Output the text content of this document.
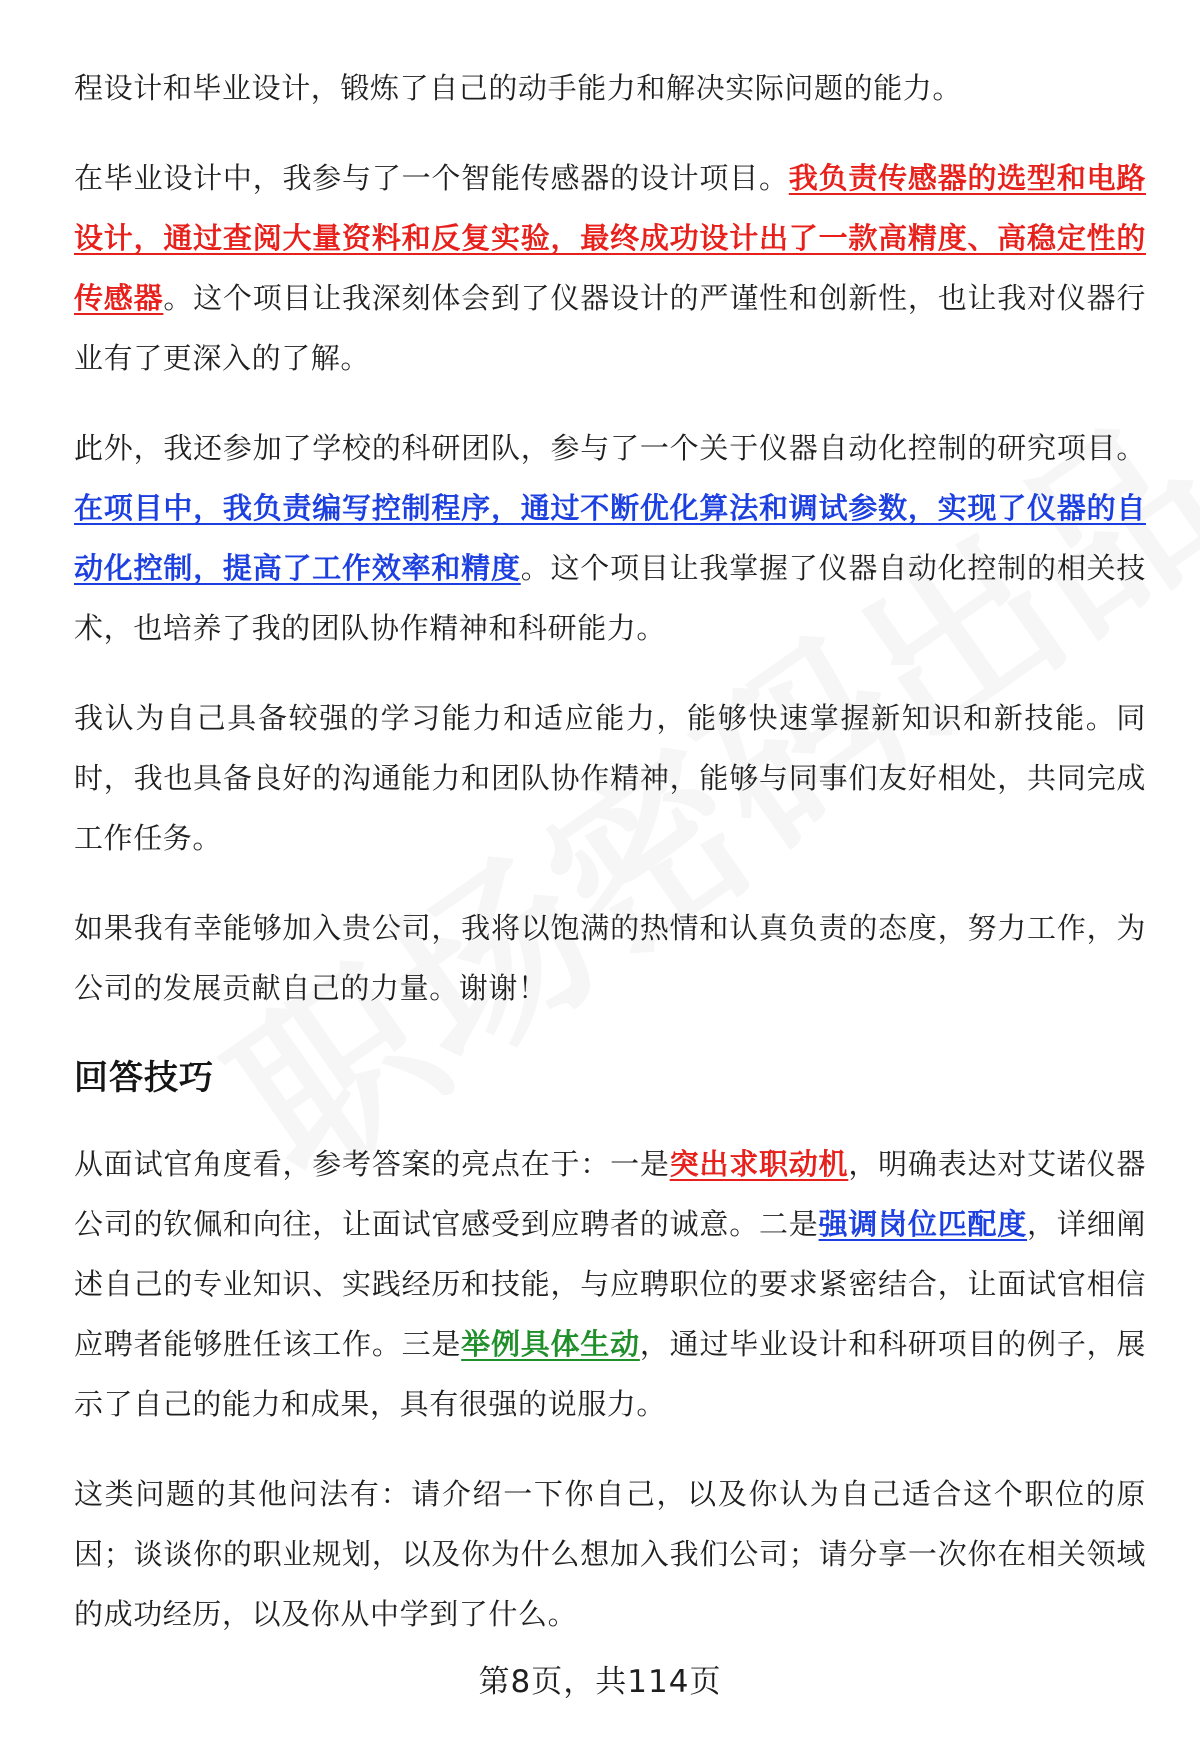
程设计和毕业设计，锻炼了自己的动手能力和解决实际问题的能力。

在毕业设计中，我参与了一个智能传感器的设计项目。我负责传感器的选型和电路设计，通过查阅大量资料和反复实验，最终成功设计出了一款高精度、高稳定性的传感器。这个项目让我深刻体会到了仪器设计的严谨性和创新性，也让我对仪器行业有了更深入的了解。

此外，我还参加了学校的科研团队，参与了一个关于仪器自动化控制的研究项目。在项目中，我负责编写控制程序，通过不断优化算法和调试参数，实现了仪器的自动化控制，提高了工作效率和精度。这个项目让我掌握了仪器自动化控制的相关技术，也培养了我的团队协作精神和科研能力。

我认为自己具备较强的学习能力和适应能力，能够快速掌握新知识和新技能。同时，我也具备良好的沟通能力和团队协作精神，能够与同事们友好相处，共同完成工作任务。

如果我有幸能够加入贵公司，我将以饱满的热情和认真负责的态度，努力工作，为公司的发展贡献自己的力量。谢谢！

回答技巧

从面试官角度看，参考答案的亮点在于：一是突出求职动机，明确表达对艾诺仪器公司的钦佩和向往，让面试官感受到应聘者的诚意。二是强调岗位匹配度，详细阐述自己的专业知识、实践经历和技能，与应聘职位的要求紧密结合，让面试官相信应聘者能够胜任该工作。三是举例具体生动，通过毕业设计和科研项目的例子，展示了自己的能力和成果，具有很强的说服力。

这类问题的其他问法有：请介绍一下你自己，以及你认为自己适合这个职位的原因；谈谈你的职业规划，以及你为什么想加入我们公司；请分享一次你在相关领域的成功经历，以及你从中学到了什么。

第8页，共114页
